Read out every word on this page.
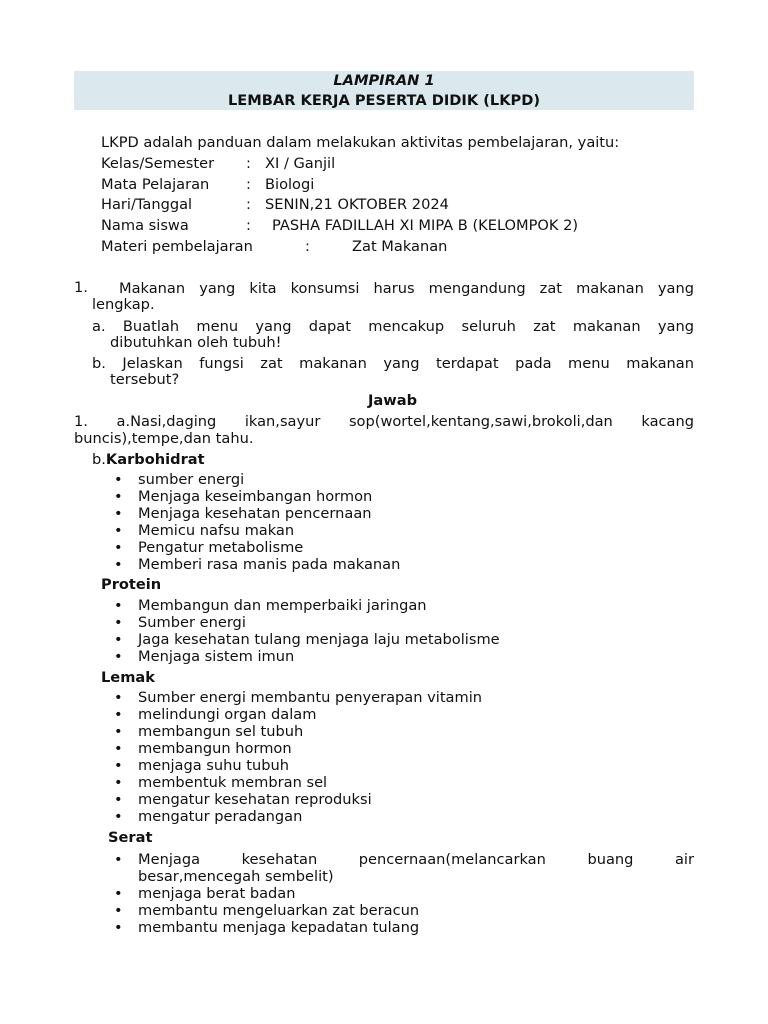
LAMPIRAN 1
LEMBAR KERJA PESERTA DIDIK (LKPD)
LKPD adalah panduan dalam melakukan aktivitas pembelajaran, yaitu:
Kelas/Semester : XI / Ganjil
Mata Pelajaran	: Biologi
Hari/Tanggal	: SENIN,21 OKTOBER 2024
Nama siswa	: PASHA FADILLAH XI MIPA B (KELOMPOK 2)
Materi pembelajaran	:	Zat Makanan
1. Makanan yang kita konsumsi harus mengandung zat makanan yang
lengkap.
a. Buatlah menu yang dapat mencakup seluruh zat makanan yang
dibutuhkan oleh tubuh!
b. Jelaskan fungsi zat makanan yang terdapat pada menu makanan
tersebut?
Jawab
1. a.Nasi,daging ikan,sayur sop(wortel,kentang,sawi,brokoli,dan kacang
buncis),tempe,dan tahu.
b.Karbohidrat
• sumber energi
• Menjaga keseimbangan hormon
• Menjaga kesehatan pencernaan
• Memicu nafsu makan
• Pengatur metabolisme
• Memberi rasa manis pada makanan
Protein
• Membangun dan memperbaiki jaringan
• Sumber energi
• Jaga kesehatan tulang menjaga laju metabolisme
• Menjaga sistem imun
Lemak
• Sumber energi membantu penyerapan vitamin
• melindungi organ dalam
• membangun sel tubuh
• membangun hormon
• menjaga suhu tubuh
• membentuk membran sel
• mengatur kesehatan reproduksi
• mengatur peradangan
Serat
• Menjaga kesehatan pencernaan(melancarkan buang air
besar,mencegah sembelit)
• menjaga berat badan
• membantu mengeluarkan zat beracun
• membantu menjaga kepadatan tulang
